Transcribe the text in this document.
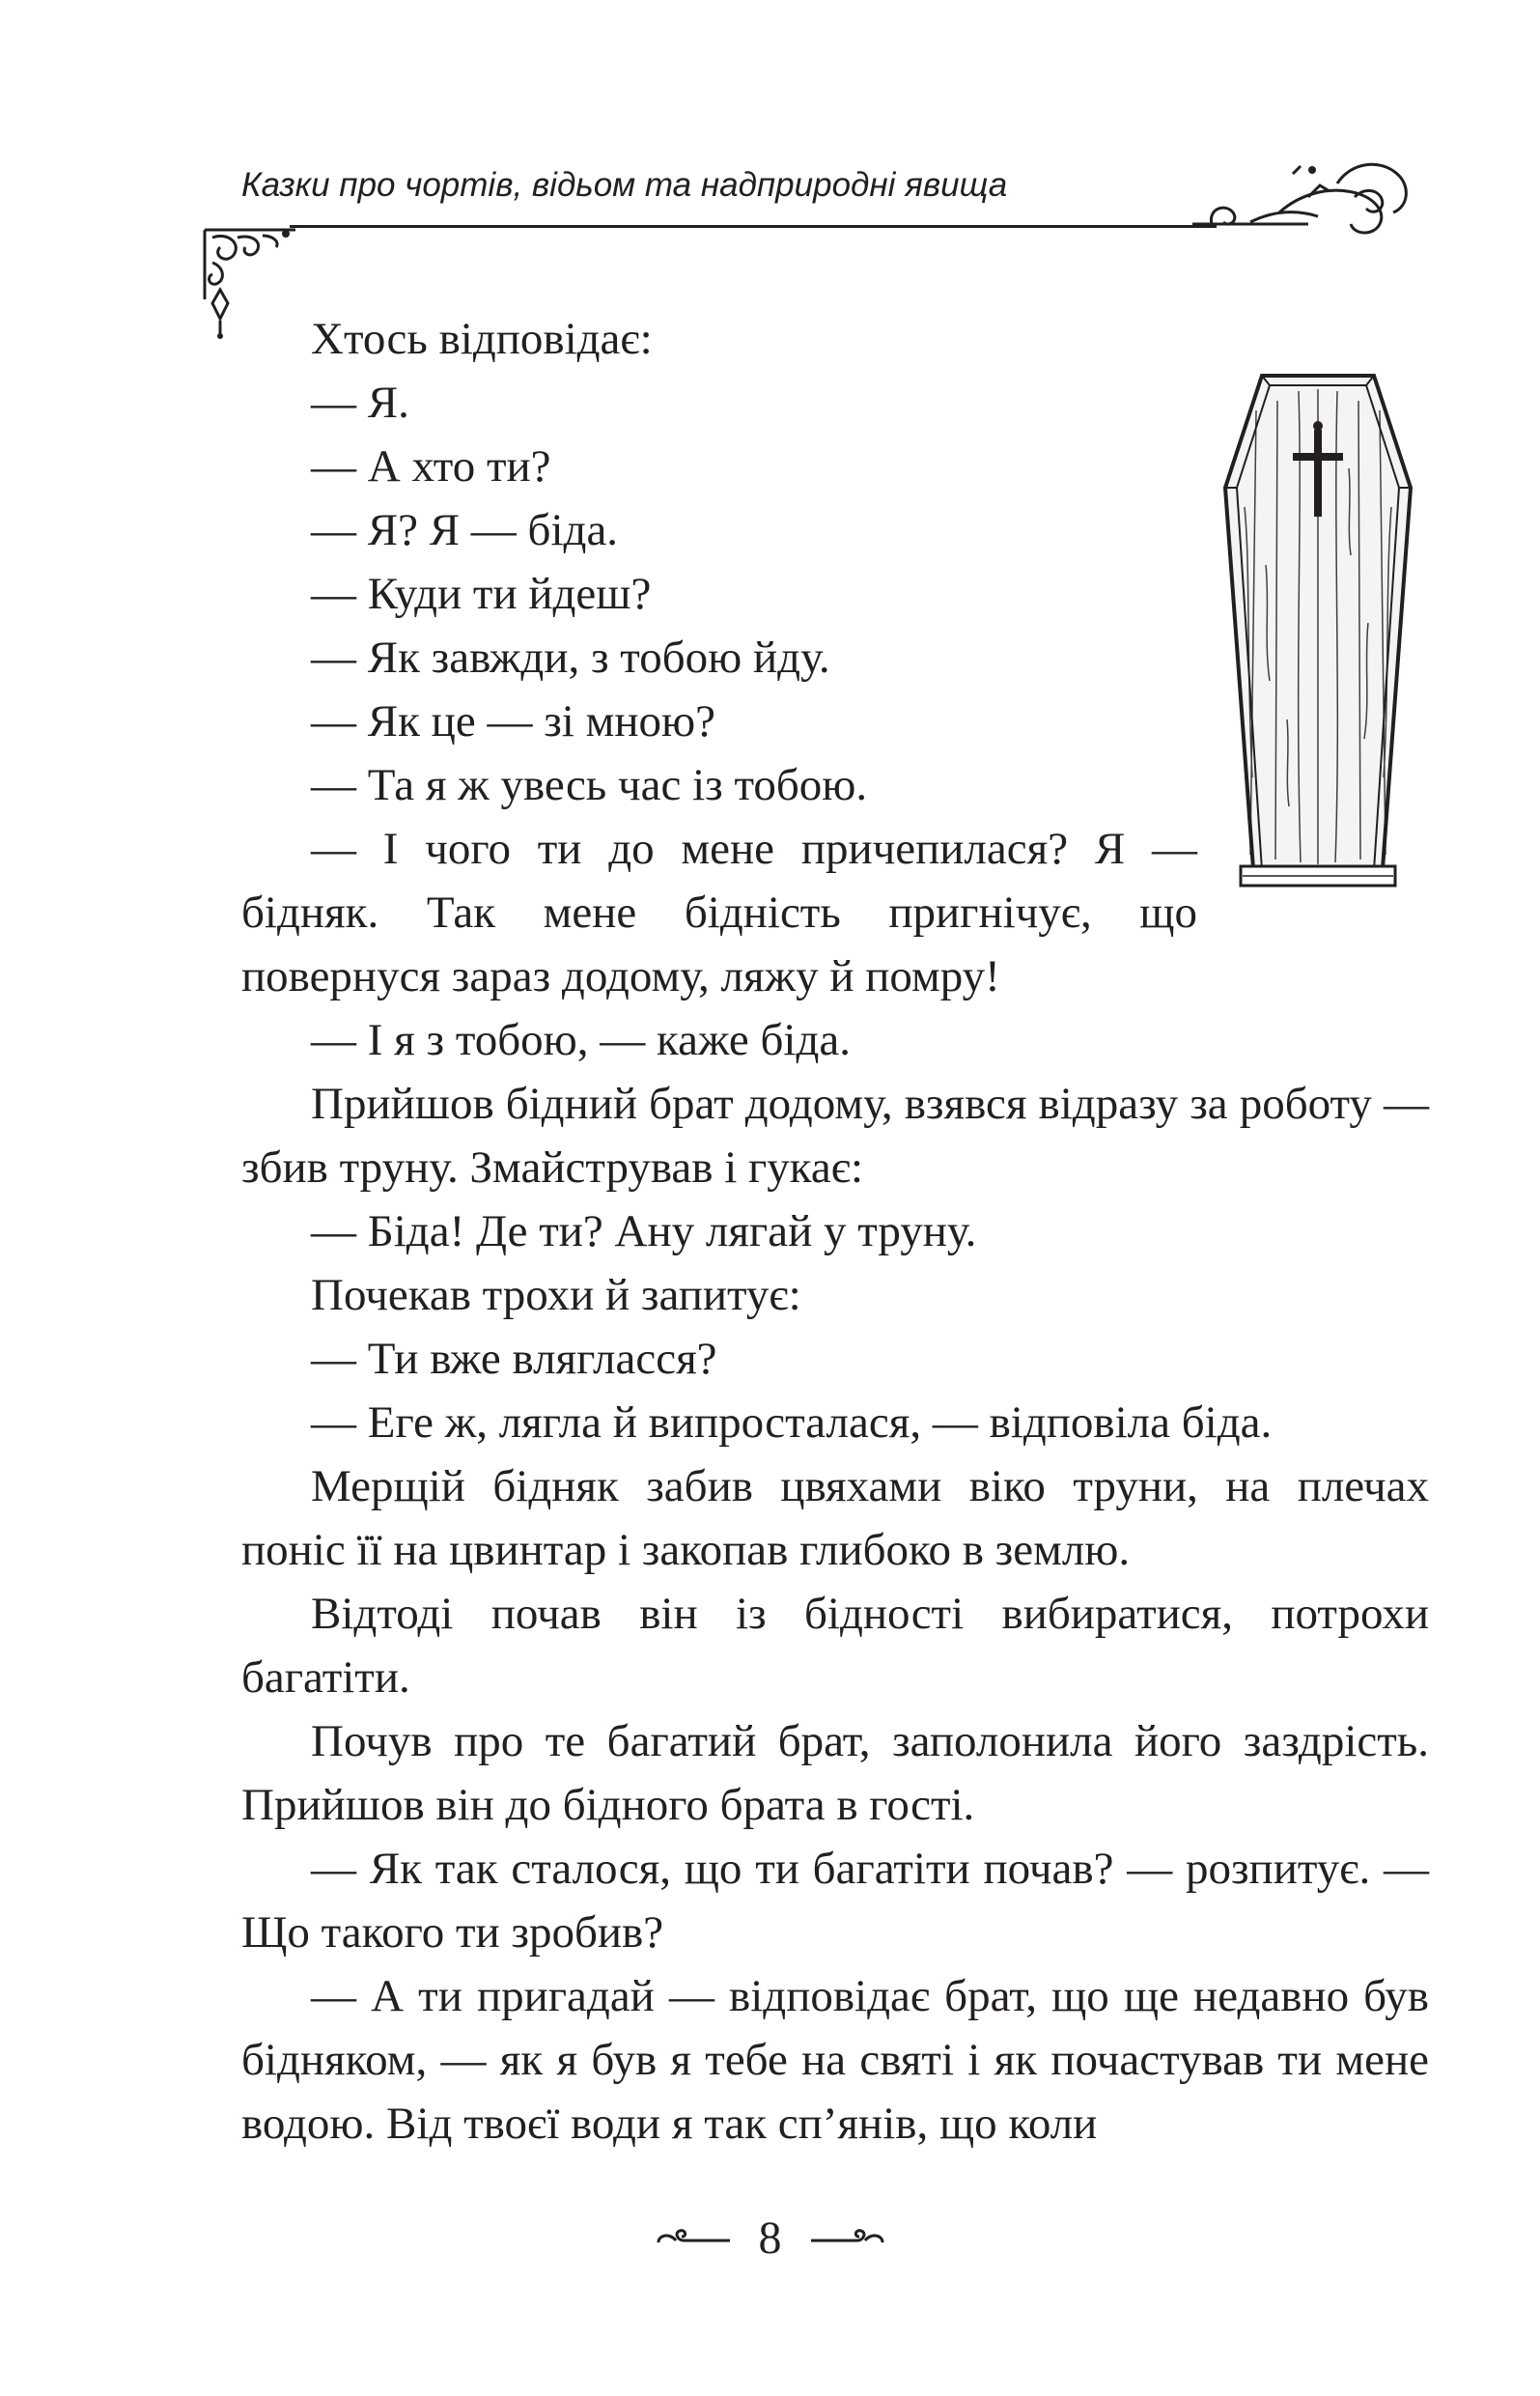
Казки про чортів, відьом та надприродні явища

Хтось відповідає:

— Я.

— А хто ти?

— Я? Я — біда.

— Куди ти йдеш?

— Як завжди, з тобою йду.

— Як це — зі мною?

— Та я ж увесь час із тобою.

— І чого ти до мене причепилася? Я — бідняк. Так мене бідність пригнічує, що повернуся зараз додому, ляжу й помру!

— І я з тобою, — каже біда.

Прийшов бідний брат додому, взявся відразу за роботу — збив труну. Змайстрував і гукає:

— Біда! Де ти? Ану лягай у труну.

Почекав трохи й запитує:

— Ти вже влягласся?

— Еге ж, лягла й випросталася, — відповіла біда.

Мерщій бідняк забив цвяхами віко труни, на плечах поніс її на цвинтар і закопав глибоко в землю.

Відтоді почав він із бідності вибиратися, потрохи багатіти.

Почув про те багатий брат, заполонила його заздрість. Прийшов він до бідного брата в гості.

— Як так сталося, що ти багатіти почав? — розпитує. — Що такого ти зробив?

— А ти пригадай — відповідає брат, що ще недавно був бідняком, — як я був я тебе на святі і як почастував ти мене водою. Від твоєї води я так сп’янів, що коли

8
